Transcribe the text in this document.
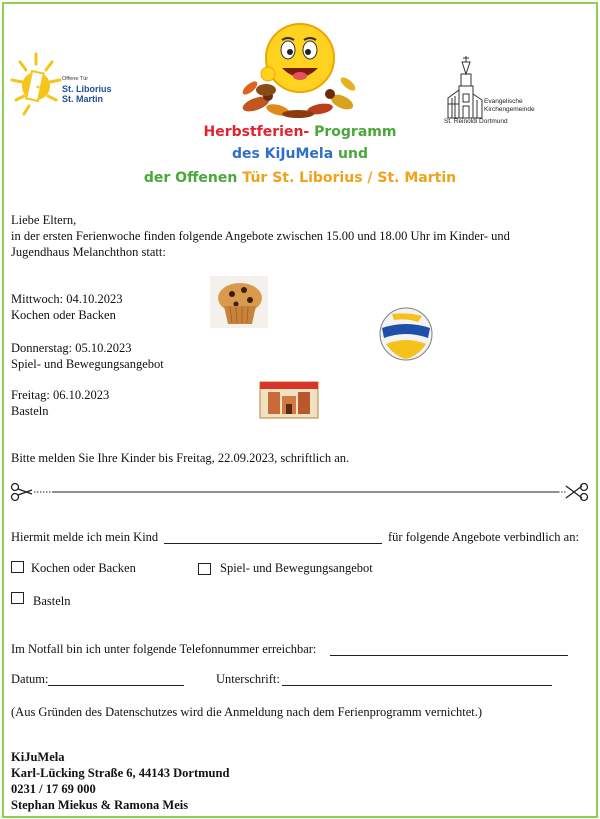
Offene Tür
St. Liborius
St. Martin	Evangelische
Kirchengemeinde
St. Reinoldi Dortmund
Herbstferien- Programm
des KiJuMela und
der Offenen Tür St. Liborius / St. Martin
Liebe Eltern,
in der ersten Ferienwoche finden folgende Angebote zwischen 15.00 und 18.00 Uhr im Kinder- und
Jugendhaus Melanchthon statt:
Mittwoch: 04.10.2023
Kochen oder Backen
Donnerstag: 05.10.2023
Spiel- und Bewegungsangebot
Freitag: 06.10.2023
Basteln
Bitte melden Sie Ihre Kinder bis Freitag, 22.09.2023, schriftlich an.
Hiermit melde ich mein Kind	für folgende Angebote verbindlich an:
Kochen oder Backen	Spiel- und Bewegungsangebot
Basteln
Im Notfall bin ich unter folgende Telefonnummer erreichbar:
Datum:	Unterschrift:
(Aus Gründen des Datenschutzes wird die Anmeldung nach dem Ferienprogramm vernichtet.)
KiJuMela
Karl-Lücking Straße 6, 44143 Dortmund
0231 / 17 69 000
Stephan Miekus & Ramona Meis
